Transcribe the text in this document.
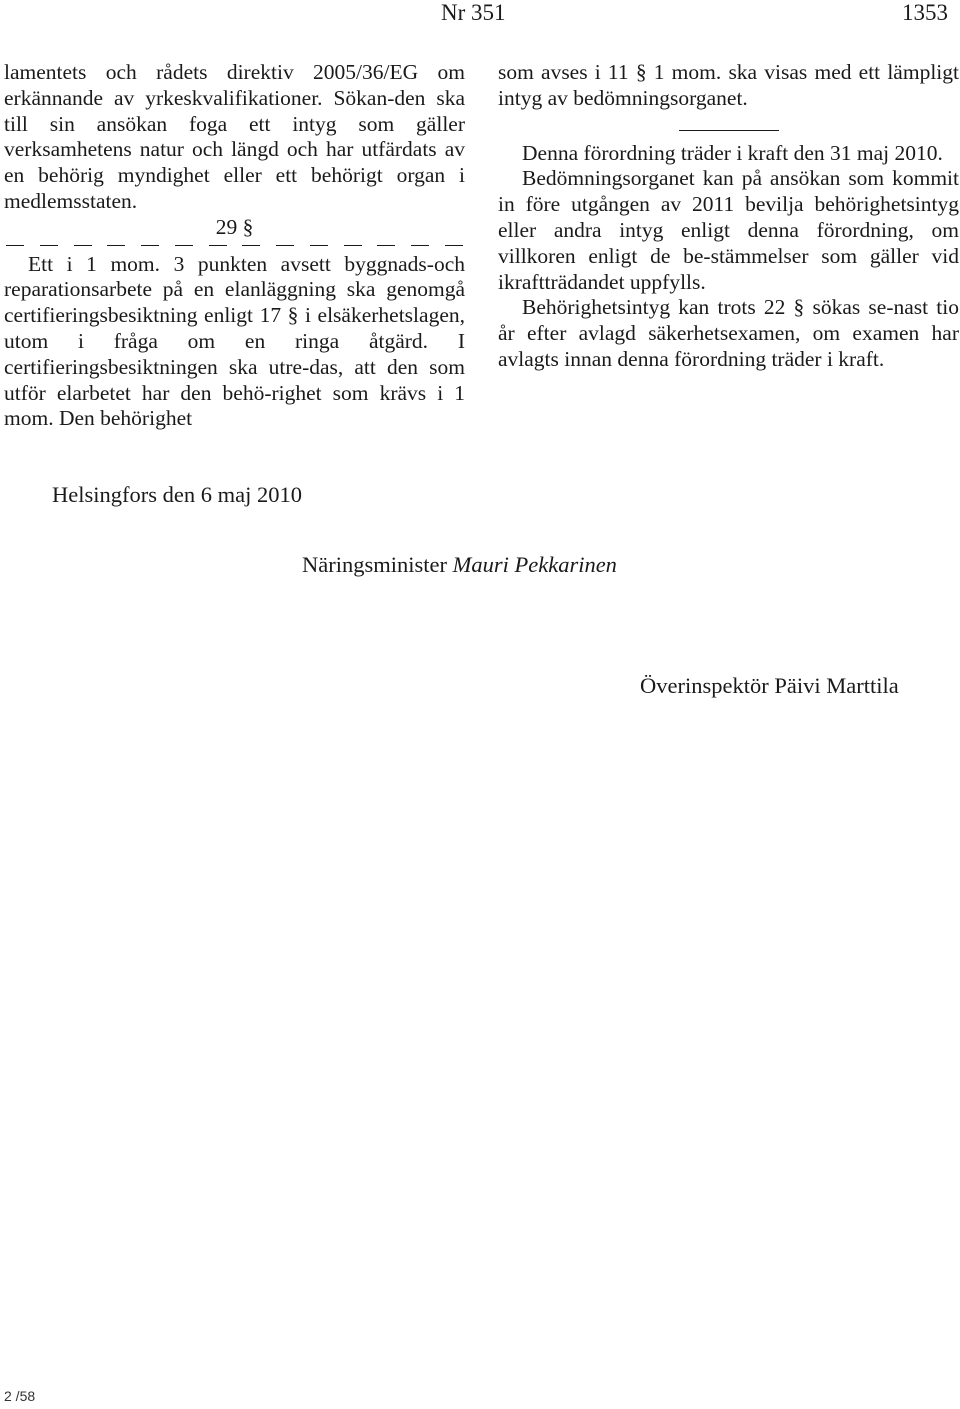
Nr 351	1353

lamentets och rådets direktiv 2005/36/EG om erkännande av yrkeskvalifikationer. Sökan-den ska till sin ansökan foga ett intyg som gäller verksamhetens natur och längd och har utfärdats av en behörig myndighet eller ett behörigt organ i medlemsstaten.

29 §

Ett i 1 mom. 3 punkten avsett byggnads-och reparationsarbete på en elanläggning ska genomgå certifieringsbesiktning enligt 17 § i elsäkerhetslagen, utom i fråga om en ringa åtgärd. I certifieringsbesiktningen ska utre-das, att den som utför elarbetet har den behö-righet som krävs i 1 mom. Den behörighet

som avses i 11 § 1 mom. ska visas med ett lämpligt intyg av bedömningsorganet.

Denna förordning träder i kraft den 31 maj 2010.

Bedömningsorganet kan på ansökan som kommit in före utgången av 2011 bevilja behörighetsintyg eller andra intyg enligt denna förordning, om villkoren enligt de be-stämmelser som gäller vid ikraftträdandet uppfylls.

Behörighetsintyg kan trots 22 § sökas se-nast tio år efter avlagd säkerhetsexamen, om examen har avlagts innan denna förordning träder i kraft.

Helsingfors den 6 maj 2010
Näringsminister Mauri Pekkarinen
Överinspektör Päivi Marttila
2 /58
